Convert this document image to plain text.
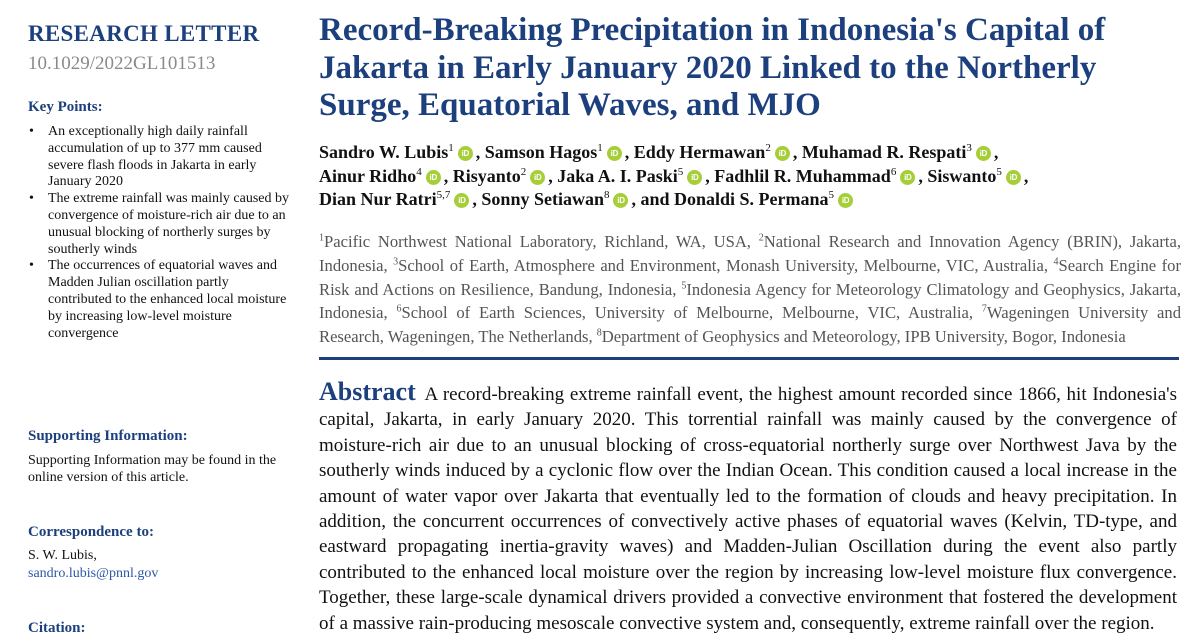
RESEARCH LETTER
10.1029/2022GL101513
Key Points:
• An exceptionally high daily rainfall accumulation of up to 377 mm caused severe flash floods in Jakarta in early January 2020
• The extreme rainfall was mainly caused by convergence of moisture-rich air due to an unusual blocking of northerly surges by southerly winds
• The occurrences of equatorial waves and Madden Julian oscillation partly contributed to the enhanced local moisture by increasing low-level moisture convergence
Supporting Information:
Supporting Information may be found in the online version of this article.
Correspondence to:
S. W. Lubis,
sandro.lubis@pnnl.gov
Citation:
Record-Breaking Precipitation in Indonesia's Capital of Jakarta in Early January 2020 Linked to the Northerly Surge, Equatorial Waves, and MJO
Sandro W. Lubis$^1$ iD , Samson Hagos$^1$ iD , Eddy Hermawan$^2$ iD , Muhamad R. Respati$^3$ iD ,
Ainur Ridho$^4$ iD , Risyanto$^2$ iD , Jaka A. I. Paski$^5$ iD , Fadhlil R. Muhammad$^6$ iD , Siswanto$^5$ iD ,
Dian Nur Ratri$^{5,7}$ iD , Sonny Setiawan$^8$ iD , and Donaldi S. Permana$^5$ iD
$^1$Pacific Northwest National Laboratory, Richland, WA, USA, $^2$National Research and Innovation Agency (BRIN), Jakarta, Indonesia, $^3$School of Earth, Atmosphere and Environment, Monash University, Melbourne, VIC, Australia, $^4$Search Engine for Risk and Actions on Resilience, Bandung, Indonesia, $^5$Indonesia Agency for Meteorology Climatology and Geophysics, Jakarta, Indonesia, $^6$School of Earth Sciences, University of Melbourne, Melbourne, VIC, Australia, $^7$Wageningen University and Research, Wageningen, The Netherlands, $^8$Department of Geophysics and Meteorology, IPB University, Bogor, Indonesia
Abstract A record-breaking extreme rainfall event, the highest amount recorded since 1866, hit Indonesia's capital, Jakarta, in early January 2020. This torrential rainfall was mainly caused by the convergence of moisture-rich air due to an unusual blocking of cross-equatorial northerly surge over Northwest Java by the southerly winds induced by a cyclonic flow over the Indian Ocean. This condition caused a local increase in the amount of water vapor over Jakarta that eventually led to the formation of clouds and heavy precipitation. In addition, the concurrent occurrences of convectively active phases of equatorial waves (Kelvin, TD-type, and eastward propagating inertia-gravity waves) and Madden-Julian Oscillation during the event also partly contributed to the enhanced local moisture over the region by increasing low-level moisture flux convergence. Together, these large-scale dynamical drivers provided a convective environment that fostered the development of a massive rain-producing mesoscale convective system and, consequently, extreme rainfall over the region.
